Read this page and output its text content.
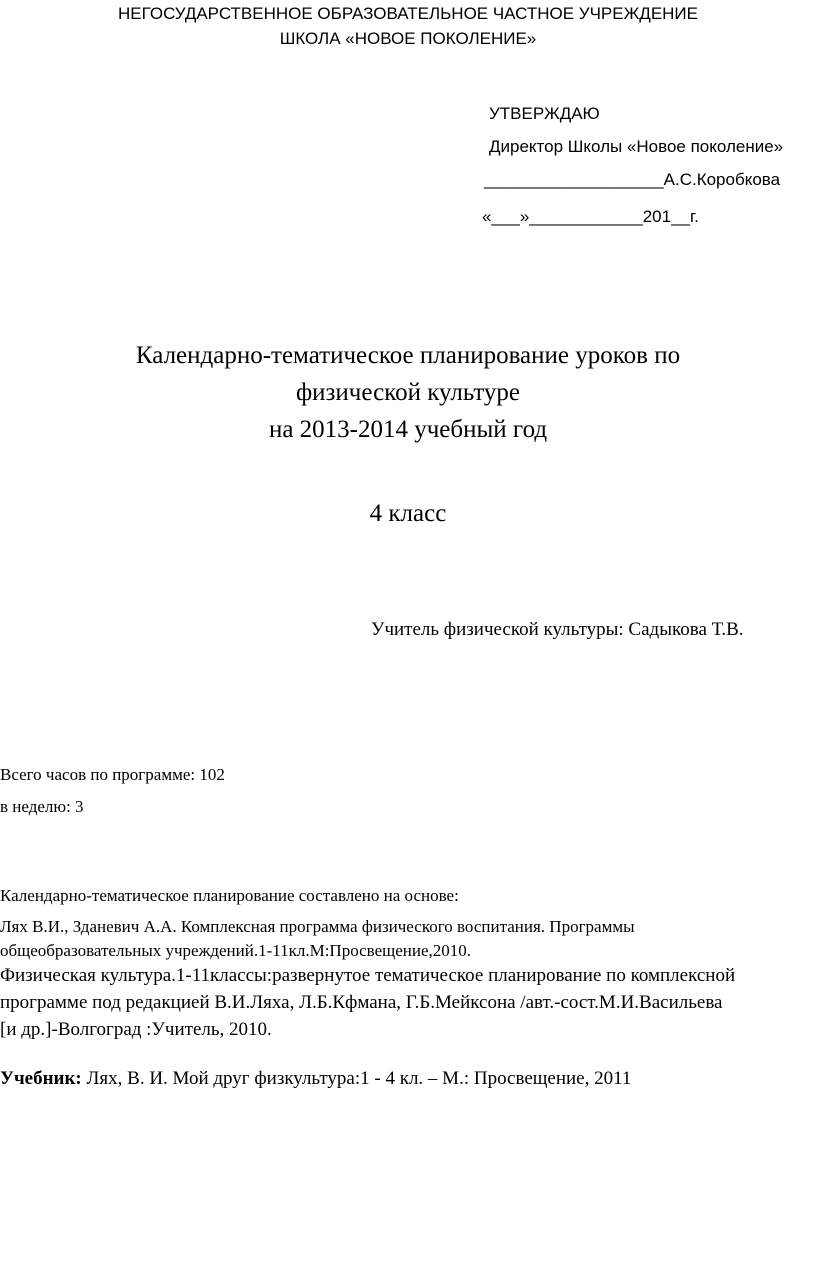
НЕГОСУДАРСТВЕННОЕ ОБРАЗОВАТЕЛЬНОЕ ЧАСТНОЕ УЧРЕЖДЕНИЕ
ШКОЛА «НОВОЕ ПОКОЛЕНИЕ»
УТВЕРЖДАЮ
Директор Школы «Новое поколение»
___________________А.С.Коробкова
«___»____________201__г.
Календарно-тематическое планирование уроков по
физической культуре
на 2013-2014 учебный год
4 класс
Учитель физической культуры: Садыкова Т.В.
Всего часов по программе: 102
в неделю: 3
Календарно-тематическое планирование составлено на основе:
Лях В.И., Зданевич А.А. Комплексная программа физического воспитания. Программы
общеобразовательных учреждений.1-11кл.М:Просвещение,2010.
Физическая культура.1-11классы:развернутое тематическое планирование по комплексной
программе под редакцией В.И.Ляха, Л.Б.Кфмана, Г.Б.Мейксона /авт.-сост.М.И.Васильева
[и др.]-Волгоград :Учитель, 2010.
Учебник: Лях, В. И. Мой друг физкультура:1 - 4 кл. – М.: Просвещение, 2011
